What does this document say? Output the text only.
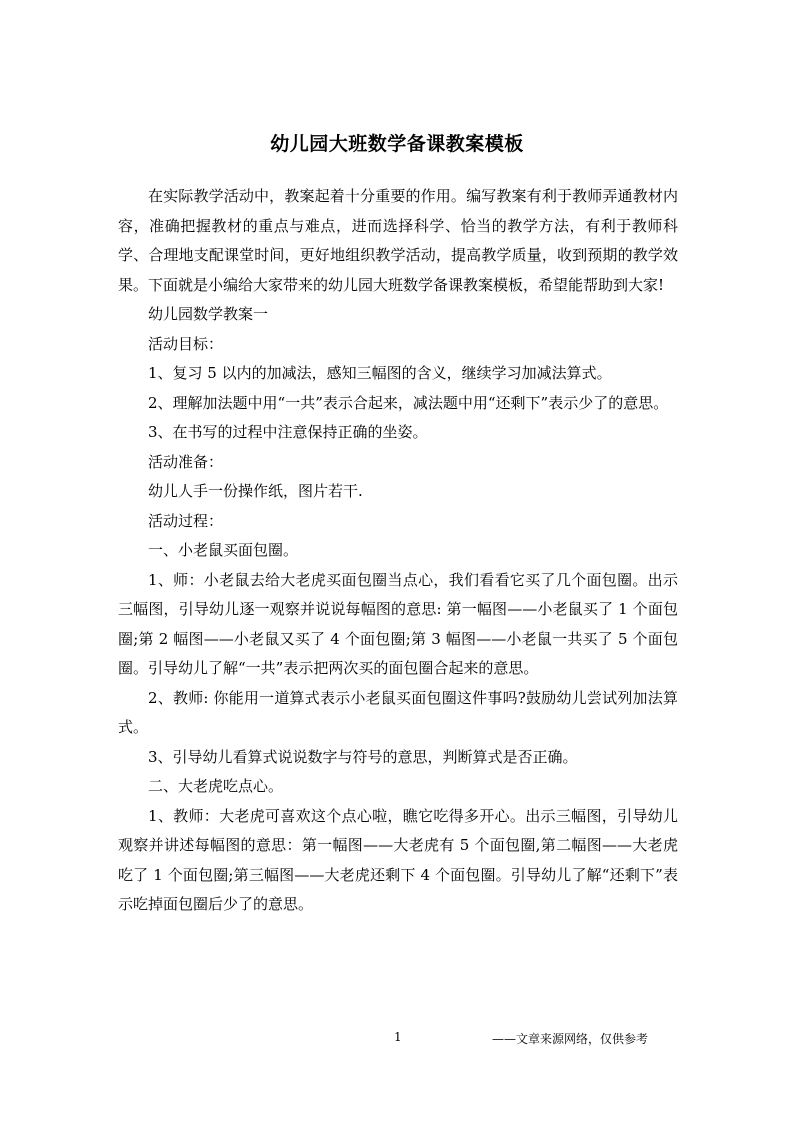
幼儿园大班数学备课教案模板

在实际教学活动中，教案起着十分重要的作用。编写教案有利于教师弄通教材内容，准确把握教材的重点与难点，进而选择科学、恰当的教学方法，有利于教师科学、合理地支配课堂时间，更好地组织教学活动，提高教学质量，收到预期的教学效果。下面就是小编给大家带来的幼儿园大班数学备课教案模板，希望能帮助到大家!

幼儿园数学教案一

活动目标：

1、复习 5 以内的加减法，感知三幅图的含义，继续学习加减法算式。

2、理解加法题中用“一共”表示合起来，减法题中用“还剩下”表示少了的意思。

3、在书写的过程中注意保持正确的坐姿。

活动准备：

幼儿人手一份操作纸，图片若干.

活动过程：

一、小老鼠买面包圈。

1、师：小老鼠去给大老虎买面包圈当点心，我们看看它买了几个面包圈。出示三幅图，引导幼儿逐一观察并说说每幅图的意思: 第一幅图——小老鼠买了 1 个面包圈;第 2 幅图——小老鼠又买了 4 个面包圈;第 3 幅图——小老鼠一共买了 5 个面包圈。引导幼儿了解“一共”表示把两次买的面包圈合起来的意思。

2、教师: 你能用一道算式表示小老鼠买面包圈这件事吗?鼓励幼儿尝试列加法算式。

3、引导幼儿看算式说说数字与符号的意思，判断算式是否正确。

二、大老虎吃点心。

1、教师：大老虎可喜欢这个点心啦，瞧它吃得多开心。出示三幅图，引导幼儿观察并讲述每幅图的意思：第一幅图——大老虎有 5 个面包圈,第二幅图——大老虎吃了 1 个面包圈;第三幅图——大老虎还剩下 4 个面包圈。引导幼儿了解“还剩下”表示吃掉面包圈后少了的意思。

1	——文章来源网络，仅供参考
